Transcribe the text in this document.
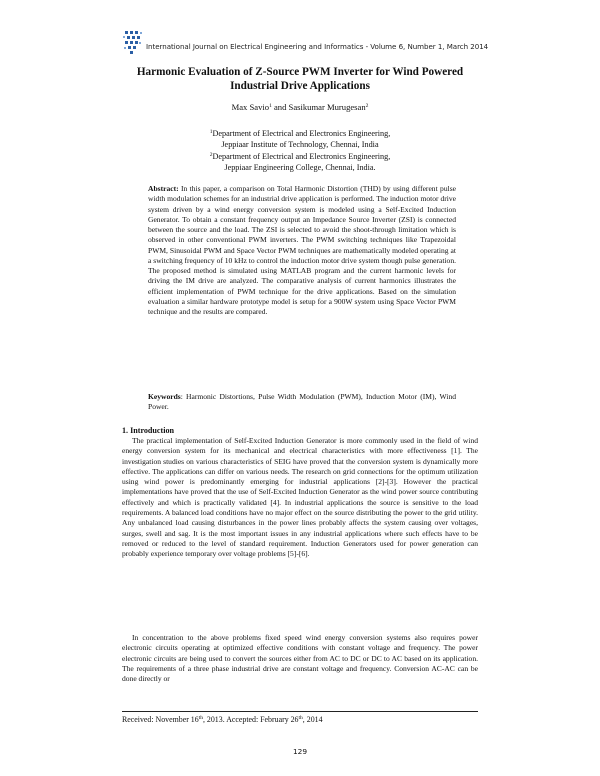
International Journal on Electrical Engineering and Informatics - Volume 6, Number 1, March 2014
Harmonic Evaluation of Z-Source PWM Inverter for Wind Powered
Industrial Drive Applications
Max Savio$^1$ and Sasikumar Murugesan$^2$
$^1$Department of Electrical and Electronics Engineering,
Jeppiaar Institute of Technology, Chennai, India
$^2$Department of Electrical and Electronics Engineering,
Jeppiaar Engineering College, Chennai, India.
Abstract: In this paper, a comparison on Total Harmonic Distortion (THD) by using different pulse width modulation schemes for an industrial drive application is performed. The induction motor drive system driven by a wind energy conversion system is modeled using a Self-Excited Induction Generator. To obtain a constant frequency output an Impedance Source Inverter (ZSI) is connected between the source and the load. The ZSI is selected to avoid the shoot-through limitation which is observed in other conventional PWM inverters. The PWM switching techniques like Trapezoidal PWM, Sinusoidal PWM and Space Vector PWM techniques are mathematically modeled operating at a switching frequency of 10 kHz to control the induction motor drive system though pulse generation. The proposed method is simulated using MATLAB program and the current harmonic levels for driving the IM drive are analyzed. The comparative analysis of current harmonics illustrates the efficient implementation of PWM technique for the drive applications. Based on the simulation evaluation a similar hardware prototype model is setup for a 900W system using Space Vector PWM technique and the results are compared.
Keywords: Harmonic Distortions, Pulse Width Modulation (PWM), Induction Motor (IM), Wind Power.
1. Introduction

The practical implementation of Self-Excited Induction Generator is more commonly used in the field of wind energy conversion system for its mechanical and electrical characteristics with more effectiveness [1]. The investigation studies on various characteristics of SEIG have proved that the conversion system is dynamically more effective. The applications can differ on various needs. The research on grid connections for the optimum utilization using wind power is predominantly emerging for industrial applications [2]-[3]. However the practical implementations have proved that the use of Self-Excited Induction Generator as the wind power source contributing effectively and which is practically validated [4]. In industrial applications the source is sensitive to the load requirements. A balanced load conditions have no major effect on the source distributing the power to the grid utility. Any unbalanced load causing disturbances in the power lines probably affects the system causing over voltages, surges, swell and sag. It is the most important issues in any industrial applications where such effects have to be removed or reduced to the level of standard requirement. Induction Generators used for power generation can probably experience temporary over voltage problems [5]-[6].

In concentration to the above problems fixed speed wind energy conversion systems also requires power electronic circuits operating at optimized effective conditions with constant voltage and frequency. The power electronic circuits are being used to convert the sources either from AC to DC or DC to AC based on its application. The requirements of a three phase industrial drive are constant voltage and frequency. Conversion AC-AC can be done directly or

Received: November 16th, 2013. Accepted: February 26th, 2014
129
